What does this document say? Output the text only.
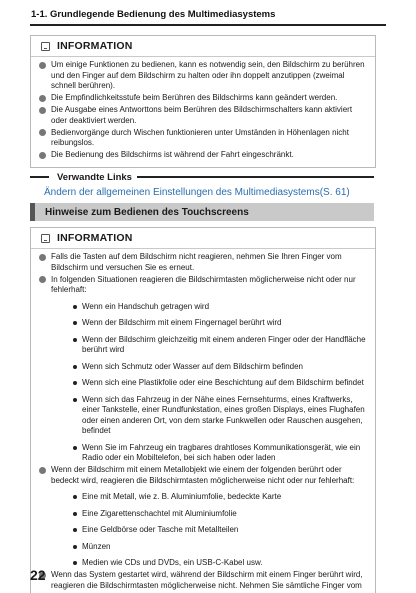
1-1. Grundlegende Bedienung des Multimediasystems
INFORMATION
Um einige Funktionen zu bedienen, kann es notwendig sein, den Bildschirm zu berühren und den Finger auf dem Bildschirm zu halten oder ihn doppelt anzutippen (zweimal schnell berühren).
Die Empfindlichkeitsstufe beim Berühren des Bildschirms kann geändert werden.
Die Ausgabe eines Antworttons beim Berühren des Bildschirmschalters kann aktiviert oder deaktiviert werden.
Bedienvorgänge durch Wischen funktionieren unter Umständen in Höhenlagen nicht reibungslos.
Die Bedienung des Bildschirms ist während der Fahrt eingeschränkt.
Verwandte Links
Ändern der allgemeinen Einstellungen des Multimediasystems(S. 61)
Hinweise zum Bedienen des Touchscreens
INFORMATION
Falls die Tasten auf dem Bildschirm nicht reagieren, nehmen Sie Ihren Finger vom Bildschirm und versuchen Sie es erneut.
In folgenden Situationen reagieren die Bildschirmtasten möglicherweise nicht oder nur fehlerhaft:
Wenn ein Handschuh getragen wird
Wenn der Bildschirm mit einem Fingernagel berührt wird
Wenn der Bildschirm gleichzeitig mit einem anderen Finger oder der Handfläche berührt wird
Wenn sich Schmutz oder Wasser auf dem Bildschirm befinden
Wenn sich eine Plastikfolie oder eine Beschichtung auf dem Bildschirm befindet
Wenn sich das Fahrzeug in der Nähe eines Fernsehturms, eines Kraftwerks, einer Tankstelle, einer Rundfunkstation, eines großen Displays, eines Flughafen oder einen anderen Ort, von dem starke Funkwellen oder Rauschen ausgehen, befindet
Wenn Sie im Fahrzeug ein tragbares drahtloses Kommunikationsgerät, wie ein Radio oder ein Mobiltelefon, bei sich haben oder laden
Wenn der Bildschirm mit einem Metallobjekt wie einem der folgenden berührt oder bedeckt wird, reagieren die Bildschirmtasten möglicherweise nicht oder nur fehlerhaft:
Eine mit Metall, wie z. B. Aluminiumfolie, bedeckte Karte
Eine Zigarettenschachtel mit Aluminiumfolie
Eine Geldbörse oder Tasche mit Metallteilen
Münzen
Medien wie CDs und DVDs, ein USB-C-Kabel usw.
Wenn das System gestartet wird, während der Bildschirm mit einem Finger berührt wird, reagieren die Bildschirmtasten möglicherweise nicht. Nehmen Sie sämtliche Finger vom
22
